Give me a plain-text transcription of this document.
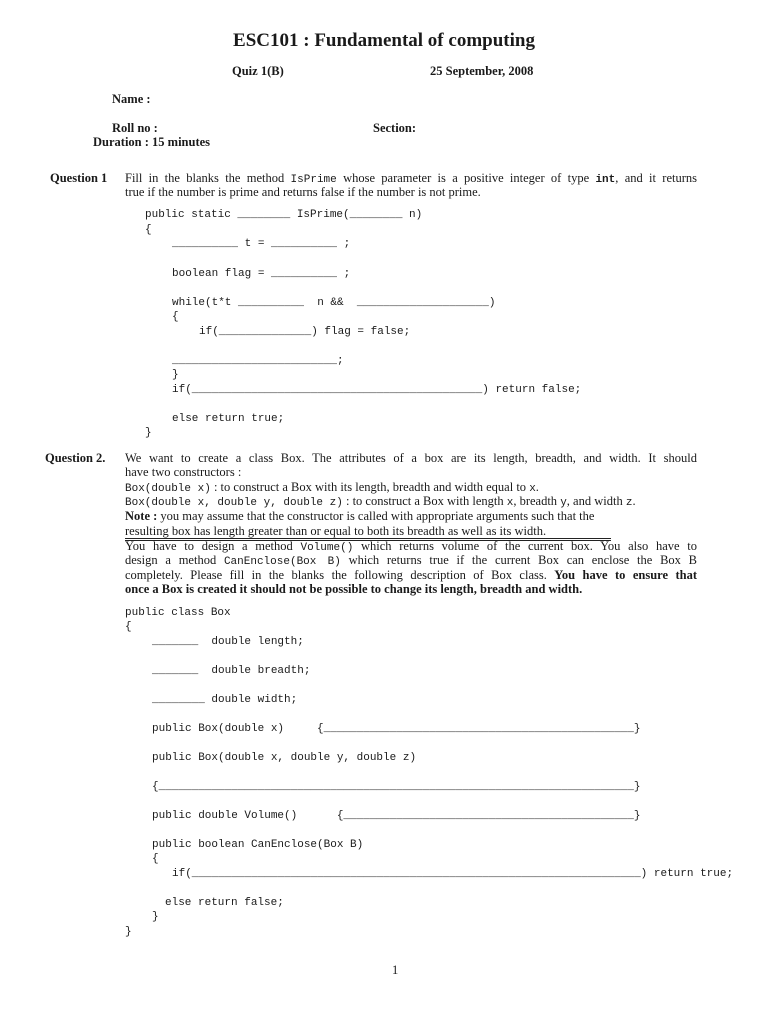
ESC101 : Fundamental of computing
Quiz 1(B)	25 September, 2008
Name :
Roll no :	Section:
Duration : 15 minutes
Question 1 Fill in the blanks the method IsPrime whose parameter is a positive integer of type int, and it returns
true if the number is prime and returns false if the number is not prime.
public static ________ IsPrime(________ n)
{
__________ t = __________ ;
boolean flag = __________ ;
while(t*t __________  n &&  ____________________)
{
if(______________) flag = false;
_________________________;
}
if(____________________________________________) return false;
else return true;
}
Question 2. We want to create a class Box. The attributes of a box are its length, breadth, and width. It should
have two constructors :
Box(double x) : to construct a Box with its length, breadth and width equal to x.
Box(double x, double y, double z) : to construct a Box with length x, breadth y, and width z.
Note : you may assume that the constructor is called with appropriate arguments such that the
resulting box has length greater than or equal to both its breadth as well as its width.
You have to design a method Volume() which returns volume of the current box. You also have to
design a method CanEnclose(Box B) which returns true if the current Box can enclose the Box B
completely. Please fill in the blanks the following description of Box class. You have to ensure that
once a Box is created it should not be possible to change its length, breadth and width.
public class Box
{
_______  double length;
_______  double breadth;
________ double width;
public Box(double x)     {_______________________________________________}
public Box(double x, double y, double z)
{________________________________________________________________________}
public double Volume()      {____________________________________________}
public boolean CanEnclose(Box B)
{
if(____________________________________________________________________) return true;
else return false;
}
}
1
